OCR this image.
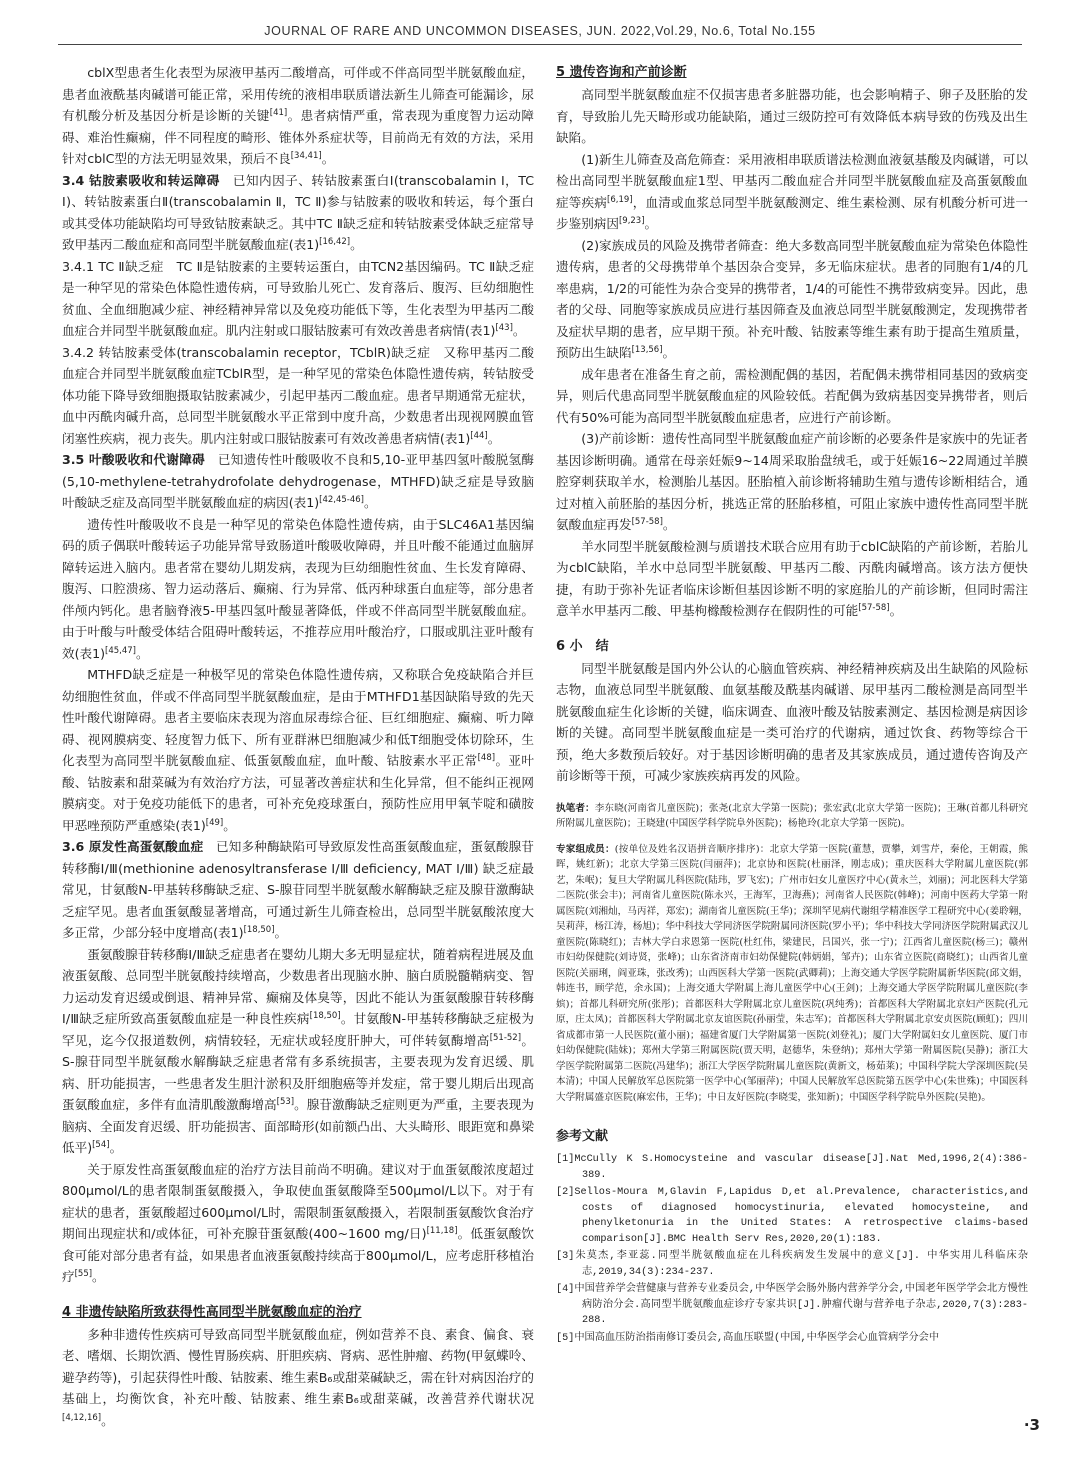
JOURNAL OF RARE AND UNCOMMON DISEASES, JUN. 2022,Vol.29, No.6, Total No.155

cblX型患者生化表型为尿液甲基丙二酸增高，可伴或不伴高同型半胱氨酸血症，患者血液酰基肉碱谱可能正常，采用传统的液相串联质谱法新生儿筛查可能漏诊，尿有机酸分析及基因分析是诊断的关键[41]。患者病情严重，常表现为重度智力运动障碍、难治性癫痫，伴不同程度的畸形、锥体外系症状等，目前尚无有效的方法，采用针对cblC型的方法无明显效果，预后不良[34,41]。

3.4 钴胺素吸收和转运障碍　已知内因子、转钴胺素蛋白Ⅰ(transcobalamin Ⅰ，TC Ⅰ)、转钴胺素蛋白Ⅱ(transcobalamin Ⅱ，TC Ⅱ)参与钴胺素的吸收和转运，每个蛋白或其受体功能缺陷均可导致钴胺素缺乏。其中TC Ⅱ缺乏症和转钴胺素受体缺乏症常导致甲基丙二酸血症和高同型半胱氨酸血症(表1)[16,42]。

3.4.1 TC Ⅱ缺乏症　TC Ⅱ是钴胺素的主要转运蛋白，由TCN2基因编码。TC Ⅱ缺乏症是一种罕见的常染色体隐性遗传病，可导致胎儿死亡、发育落后、腹泻、巨幼细胞性贫血、全血细胞减少症、神经精神异常以及免疫功能低下等，生化表型为甲基丙二酸血症合并同型半胱氨酸血症。肌内注射或口服钴胺素可有效改善患者病情(表1)[43]。

3.4.2 转钴胺素受体(transcobalamin receptor，TCblR)缺乏症　又称甲基丙二酸血症合并同型半胱氨酸血症TCblR型，是一种罕见的常染色体隐性遗传病，转钴胺受体功能下降导致细胞摄取钴胺素减少，引起甲基丙二酸血症。患者早期通常无症状，血中丙酰肉碱升高，总同型半胱氨酸水平正常到中度升高，少数患者出现视网膜血管闭塞性疾病，视力丧失。肌内注射或口服钴胺素可有效改善患者病情(表1)[44]。

3.5 叶酸吸收和代谢障碍　已知遗传性叶酸吸收不良和5,10-亚甲基四氢叶酸脱氢酶(5,10-methylene-tetrahydrofolate dehydrogenase，MTHFD)缺乏症是导致脑叶酸缺乏症及高同型半胱氨酸血症的病因(表1)[42,45-46]。

遗传性叶酸吸收不良是一种罕见的常染色体隐性遗传病，由于SLC46A1基因编码的质子偶联叶酸转运子功能异常导致肠道叶酸吸收障碍，并且叶酸不能通过血脑屏障转运进入脑内。患者常在婴幼儿期发病，表现为巨幼细胞性贫血、生长发育障碍、腹泻、口腔溃疡、智力运动落后、癫痫、行为异常、低丙种球蛋白血症等，部分患者伴颅内钙化。患者脑脊液5-甲基四氢叶酸显著降低，伴或不伴高同型半胱氨酸血症。由于叶酸与叶酸受体结合阻碍叶酸转运，不推荐应用叶酸治疗，口服或肌注亚叶酸有效(表1)[45,47]。

MTHFD缺乏症是一种极罕见的常染色体隐性遗传病，又称联合免疫缺陷合并巨幼细胞性贫血，伴或不伴高同型半胱氨酸血症，是由于MTHFD1基因缺陷导致的先天性叶酸代谢障碍。患者主要临床表现为溶血尿毒综合征、巨红细胞症、癫痫、听力障碍、视网膜病变、轻度智力低下、所有亚群淋巴细胞减少和低T细胞受体切除环，生化表型为高同型半胱氨酸血症、低蛋氨酸血症，血叶酸、钴胺素水平正常[48]。亚叶酸、钴胺素和甜菜碱为有效治疗方法，可显著改善症状和生化异常，但不能纠正视网膜病变。对于免疫功能低下的患者，可补充免疫球蛋白，预防性应用甲氧苄啶和磺胺甲恶唑预防严重感染(表1)[49]。

3.6 原发性高蛋氨酸血症　已知多种酶缺陷可导致原发性高蛋氨酸血症，蛋氨酸腺苷转移酶Ⅰ/Ⅲ(methionine adenosyltransferase Ⅰ/Ⅲ deficiency, MAT Ⅰ/Ⅲ) 缺乏症最常见，甘氨酸N-甲基转移酶缺乏症、S-腺苷同型半胱氨酸水解酶缺乏症及腺苷激酶缺乏症罕见。患者血蛋氨酸显著增高，可通过新生儿筛查检出，总同型半胱氨酸浓度大多正常，少部分轻中度增高(表1)[18,50]。

蛋氨酸腺苷转移酶Ⅰ/Ⅲ缺乏症患者在婴幼儿期大多无明显症状，随着病程进展及血液蛋氨酸、总同型半胱氨酸持续增高，少数患者出现脑水肿、脑白质脱髓鞘病变、智力运动发育迟缓或倒退、精神异常、癫痫及体臭等，因此不能认为蛋氨酸腺苷转移酶Ⅰ/Ⅲ缺乏症所致高蛋氨酸血症是一种良性疾病[18,50]。甘氨酸N-甲基转移酶缺乏症极为罕见，迄今仅报道数例，病情较轻，无症状或轻度肝肿大，可伴转氨酶增高[51-52]。S-腺苷同型半胱氨酸水解酶缺乏症患者常有多系统损害，主要表现为发育迟缓、肌病、肝功能损害，一些患者发生胆汁淤积及肝细胞癌等并发症，常于婴儿期后出现高蛋氨酸血症，多伴有血清肌酸激酶增高[53]。腺苷激酶缺乏症则更为严重，主要表现为脑病、全面发育迟缓、肝功能损害、面部畸形(如前额凸出、大头畸形、眼距宽和鼻梁低平)[54]。

关于原发性高蛋氨酸血症的治疗方法目前尚不明确。建议对于血蛋氨酸浓度超过800μmol/L的患者限制蛋氨酸摄入，争取使血蛋氨酸降至500μmol/L以下。对于有症状的患者，蛋氨酸超过600μmol/L时，需限制蛋氨酸摄入，若限制蛋氨酸饮食治疗期间出现症状和/或体征，可补充腺苷蛋氨酸(400~1600 mg/日)[11,18]。低蛋氨酸饮食可能对部分患者有益，如果患者血液蛋氨酸持续高于800μmol/L，应考虑肝移植治疗[55]。

4 非遗传缺陷所致获得性高同型半胱氨酸血症的治疗

多种非遗传性疾病可导致高同型半胱氨酸血症，例如营养不良、素食、偏食、衰老、嗜烟、长期饮酒、慢性胃肠疾病、肝胆疾病、肾病、恶性肿瘤、药物(甲氨蝶呤、避孕药等)，引起获得性叶酸、钴胺素、维生素B₆或甜菜碱缺乏，需在针对病因治疗的基础上，均衡饮食，补充叶酸、钴胺素、维生素B₆或甜菜碱，改善营养代谢状况[4,12,16]。

5 遗传咨询和产前诊断

高同型半胱氨酸血症不仅损害患者多脏器功能，也会影响精子、卵子及胚胎的发育，导致胎儿先天畸形或功能缺陷，通过三级防控可有效降低本病导致的伤残及出生缺陷。

(1)新生儿筛查及高危筛查：采用液相串联质谱法检测血液氨基酸及肉碱谱，可以检出高同型半胱氨酸血症1型、甲基丙二酸血症合并同型半胱氨酸血症及高蛋氨酸血症等疾病[6,19]，血清或血浆总同型半胱氨酸测定、维生素检测、尿有机酸分析可进一步鉴别病因[9,23]。

(2)家族成员的风险及携带者筛查：绝大多数高同型半胱氨酸血症为常染色体隐性遗传病，患者的父母携带单个基因杂合变异，多无临床症状。患者的同胞有1/4的几率患病，1/2的可能性为杂合变异的携带者，1/4的可能性不携带致病变异。因此，患者的父母、同胞等家族成员应进行基因筛查及血液总同型半胱氨酸测定，发现携带者及症状早期的患者，应早期干预。补充叶酸、钴胺素等维生素有助于提高生殖质量，预防出生缺陷[13,56]。

成年患者在准备生育之前，需检测配偶的基因，若配偶未携带相同基因的致病变异，则后代患高同型半胱氨酸血症的风险较低。若配偶为致病基因变异携带者，则后代有50%可能为高同型半胱氨酸血症患者，应进行产前诊断。

(3)产前诊断：遗传性高同型半胱氨酸血症产前诊断的必要条件是家族中的先证者基因诊断明确。通常在母亲妊娠9~14周采取胎盘绒毛，或于妊娠16~22周通过羊膜腔穿刺获取羊水，检测胎儿基因。胚胎植入前诊断将辅助生殖与遗传诊断相结合，通过对植入前胚胎的基因分析，挑选正常的胚胎移植，可阻止家族中遗传性高同型半胱氨酸血症再发[57-58]。

羊水同型半胱氨酸检测与质谱技术联合应用有助于cblC缺陷的产前诊断，若胎儿为cblC缺陷，羊水中总同型半胱氨酸、甲基丙二酸、丙酰肉碱增高。该方法方便快捷，有助于弥补先证者临床诊断但基因诊断不明的家庭胎儿的产前诊断，但同时需注意羊水甲基丙二酸、甲基枸橼酸检测存在假阴性的可能[57-58]。

6 小　结

同型半胱氨酸是国内外公认的心脑血管疾病、神经精神疾病及出生缺陷的风险标志物，血液总同型半胱氨酸、血氨基酸及酰基肉碱谱、尿甲基丙二酸检测是高同型半胱氨酸血症生化诊断的关键，临床调查、血液叶酸及钴胺素测定、基因检测是病因诊断的关键。高同型半胱氨酸血症是一类可治疗的代谢病，通过饮食、药物等综合干预，绝大多数预后较好。对于基因诊断明确的患者及其家族成员，通过遗传咨询及产前诊断等干预，可减少家族疾病再发的风险。

执笔者：李东晓(河南省儿童医院)；张尧(北京大学第一医院)；张宏武(北京大学第一医院)；王琳(首都儿科研究所附属儿童医院)；王晓建(中国医学科学院阜外医院)；杨艳玲(北京大学第一医院)。

专家组成员：(按单位及姓名汉语拼音顺序排序)：北京大学第一医院(董慧，贾攀，刘雪芹，秦伦，王朝霞，熊晖，姚红新)；北京大学第三医院(闫丽萍)；北京协和医院(杜丽泽，刚志成)；重庆医科大学附属儿童医院(郭艺，朱岷)；复旦大学附属儿科医院(陆玮，罗飞宏)；广州市妇女儿童医疗中心(黄永兰，刘丽)；河北医科大学第二医院(张会丰)；河南省儿童医院(陈永兴，王海军，卫海燕)；河南省人民医院(韩峰)；河南中医药大学第一附属医院(刘湘灿，马丙祥，郑宏)；湖南省儿童医院(王华)；深圳罕见病代谢组学精准医学工程研究中心(姜聆翱，吴莉萍，杨江涛，杨旭)；华中科技大学同济医学院附属同济医院(罗小平)；华中科技大学同济医学院附属武汉儿童医院(陈晓红)；吉林大学白求恩第一医院(杜红伟，梁建民，吕国兴，张一宁)；江西省儿童医院(杨三)；赣州市妇幼保健院(刘诗贤，张峰)；山东省济南市妇幼保健院(韩炳娟，邹卉)；山东省立医院(商晓红)；山西省儿童医院(关丽琍，阎亚珠，张改秀)；山西医科大学第一医院(武卿莉)；上海交通大学医学院附属新华医院(邱文娟，韩连书，顾学范，余永国)；上海交通大学附属上海儿童医学中心(王剑)；上海交通大学医学院附属儿童医院(李嫔)；首都儿科研究所(张彤)；首都医科大学附属北京儿童医院(巩纯秀)；首都医科大学附属北京妇产医院(孔元原，庄太凤)；首都医科大学附属北京友谊医院(孙丽莹，朱志军)；首都医科大学附属北京安贞医院(顾虹)；四川省成都市第一人民医院(董小丽)；福建省厦门大学附属第一医院(刘登礼)；厦门大学附属妇女儿童医院、厦门市妇幼保健院(陆妹)；郑州大学第三附属医院(贾天明，赵德华，朱登纳)；郑州大学第一附属医院(吴静)；浙江大学医学院附属第二医院(冯建华)；浙江大学医学院附属儿童医院(黄新文，杨茹莱)；中国科学院大学深圳医院(吴本清)；中国人民解放军总医院第一医学中心(邹丽萍)；中国人民解放军总医院第五医学中心(朱世殊)；中国医科大学附属盛京医院(麻宏伟，王华)；中日友好医院(李晓雯，张知新)；中国医学科学院阜外医院(吴艳)。

参考文献

[1]McCully K S.Homocysteine and vascular disease[J].Nat Med,1996,2(4):386-389.

[2]Sellos-Moura M,Glavin F,Lapidus D,et al.Prevalence, characteristics,and costs of diagnosed homocystinuria, elevated homocysteine, and phenylketonuria in the United States: A retrospective claims-based comparison[J].BMC Health Serv Res,2020,20(1):183.

[3]朱莫杰,李亚蕊.同型半胱氨酸血症在儿科疾病发生发展中的意义[J]. 中华实用儿科临床杂志,2019,34(3):234-237.

[4]中国营养学会营健康与营养专业委员会,中华医学会肠外肠内营养学分会,中国老年医学学会北方慢性病防治分会.高同型半胱氨酸血症诊疗专家共识[J].肿瘤代谢与营养电子杂志,2020,7(3):283-288.

[5]中国高血压防治指南修订委员会,高血压联盟(中国,中华医学会心血管病学分会中

·3
